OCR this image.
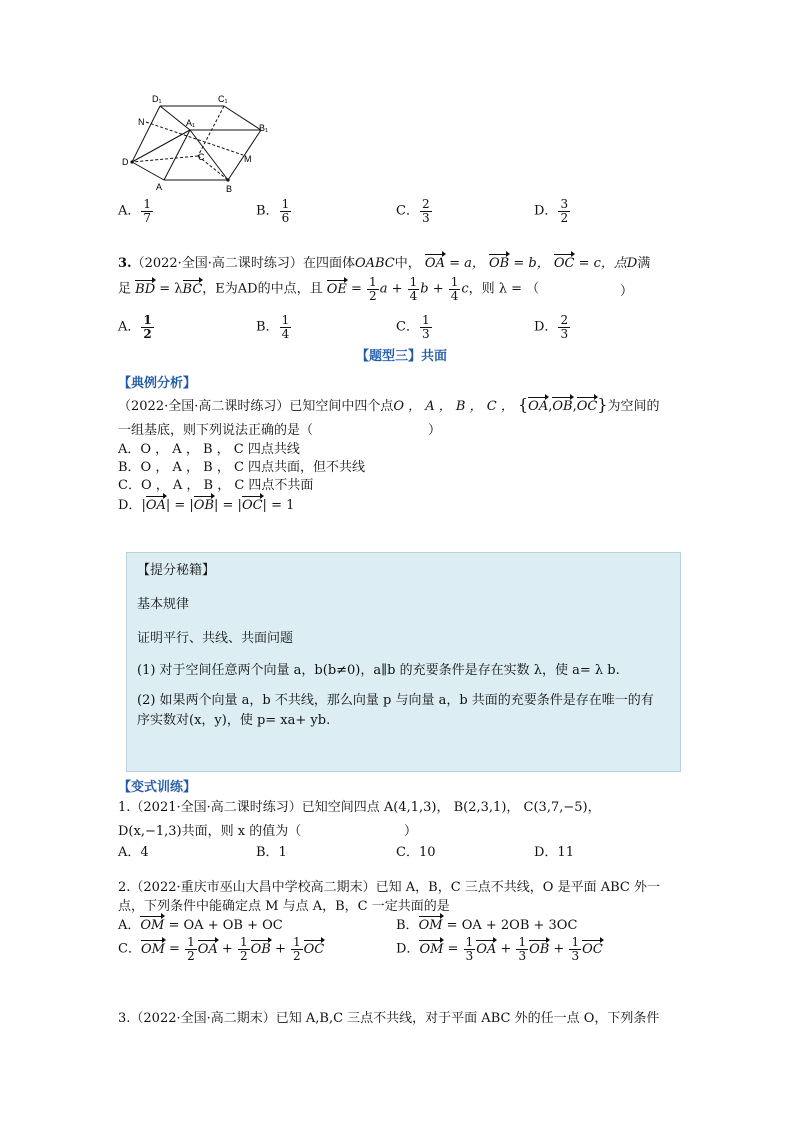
D₁	C₁
A₁	B₁
N
D	C	M
A	B
A． $\frac{1}{7}$	B． $\frac{1}{6}$	C． $\frac{2}{3}$	D． $\frac{3}{2}$
3.（2022·全国·高二课时练习）在四面体OABC中， OA = a， OB = b， OC = c，点D满
足 BD = λBC，E为AD的中点，且 OE = $\frac{1}{2}$ $a + \frac{1}{4}$ $b + \frac{1}{4}$ c，则 λ = （	）
A． $\frac{1}{2}$	B． $\frac{1}{4}$	C． $\frac{1}{3}$	D． $\frac{2}{3}$
【题型三】共面
【典例分析】
（2022·全国·高二课时练习）已知空间中四个点O ， A ， B ， C ， {OA,OB,OC}为空间的
一组基底，则下列说法正确的是（	）
A．O ， A ， B ， C 四点共线
B．O ， A ， B ， C 四点共面，但不共线
C．O ， A ， B ， C 四点不共面
D．|OA| = |OB| = |OC| = 1
【提分秘籍】
基本规律
证明平行、共线、共面问题
(1) 对于空间任意两个向量 a，b(b≠0)，a∥b 的充要条件是存在实数 λ，使 a= λ b.
(2) 如果两个向量 a，b 不共线，那么向量 p 与向量 a，b 共面的充要条件是存在唯一的有
序实数对(x，y)，使 p= xa+ yb.
【变式训练】
1.（2021·全国·高二课时练习）已知空间四点 A(4,1,3)， B(2,3,1)， C(3,7,−5)，
D(x,−1,3)共面，则 x 的值为（	）
A．4	B．1	C．10	D．11
2.（2022·重庆市巫山大昌中学校高二期末）已知 A，B，C 三点不共线，O 是平面 ABC 外一
点，下列条件中能确定点 M 与点 A，B，C 一定共面的是
A．OM = OA + OB + OC	B．OM = OA + 2OB + 3OC
C．OM = $\frac{1}{2}$ OA + $\frac{1}{2}$ OB + $\frac{1}{2}$ OC	D．OM = $\frac{1}{3}$ OA + $\frac{1}{3}$ OB + $\frac{1}{3}$ OC
3.（2022·全国·高二期末）已知 A,B,C 三点不共线，对于平面 ABC 外的任一点 O，下列条件
